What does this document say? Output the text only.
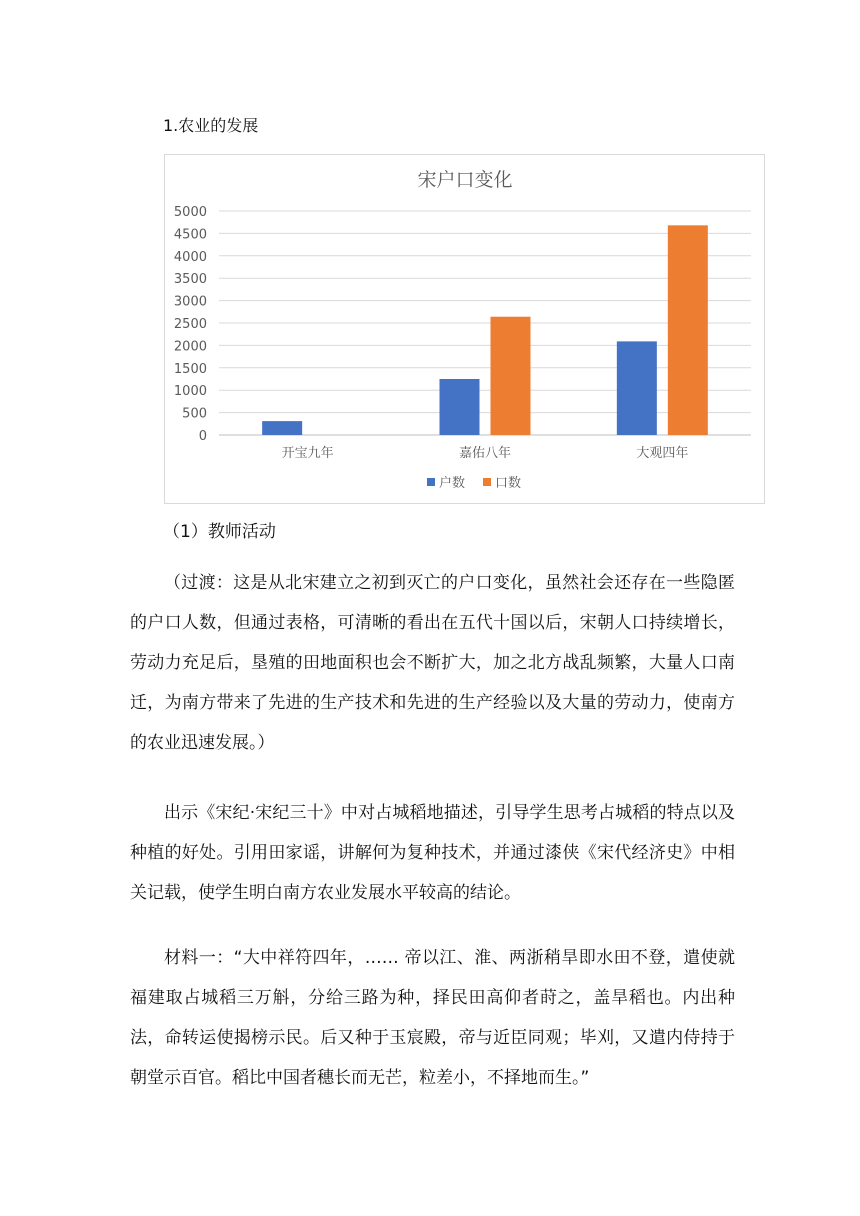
1.农业的发展
宋户口变化
0
500
1000
1500
2000
2500
3000
3500
4000
4500
5000
开宝九年	嘉佑八年	大观四年
户数 口数
（1）教师活动

（过渡：这是从北宋建立之初到灭亡的户口变化，虽然社会还存在一些隐匿的户口人数，但通过表格，可清晰的看出在五代十国以后，宋朝人口持续增长，劳动力充足后，垦殖的田地面积也会不断扩大，加之北方战乱频繁，大量人口南迁，为南方带来了先进的生产技术和先进的生产经验以及大量的劳动力，使南方的农业迅速发展。）

出示《宋纪·宋纪三十》中对占城稻地描述，引导学生思考占城稻的特点以及种植的好处。引用田家谣，讲解何为复种技术，并通过漆侠《宋代经济史》中相关记载，使学生明白南方农业发展水平较高的结论。

材料一：“大中祥符四年，…… 帝以江、淮、两浙稍旱即水田不登，遣使就福建取占城稻三万斛，分给三路为种，择民田高仰者莳之，盖旱稻也。内出种法，命转运使揭榜示民。后又种于玉宸殿，帝与近臣同观；毕刈，又遣内侍持于朝堂示百官。稻比中国者穗长而无芒，粒差小，不择地而生。”
